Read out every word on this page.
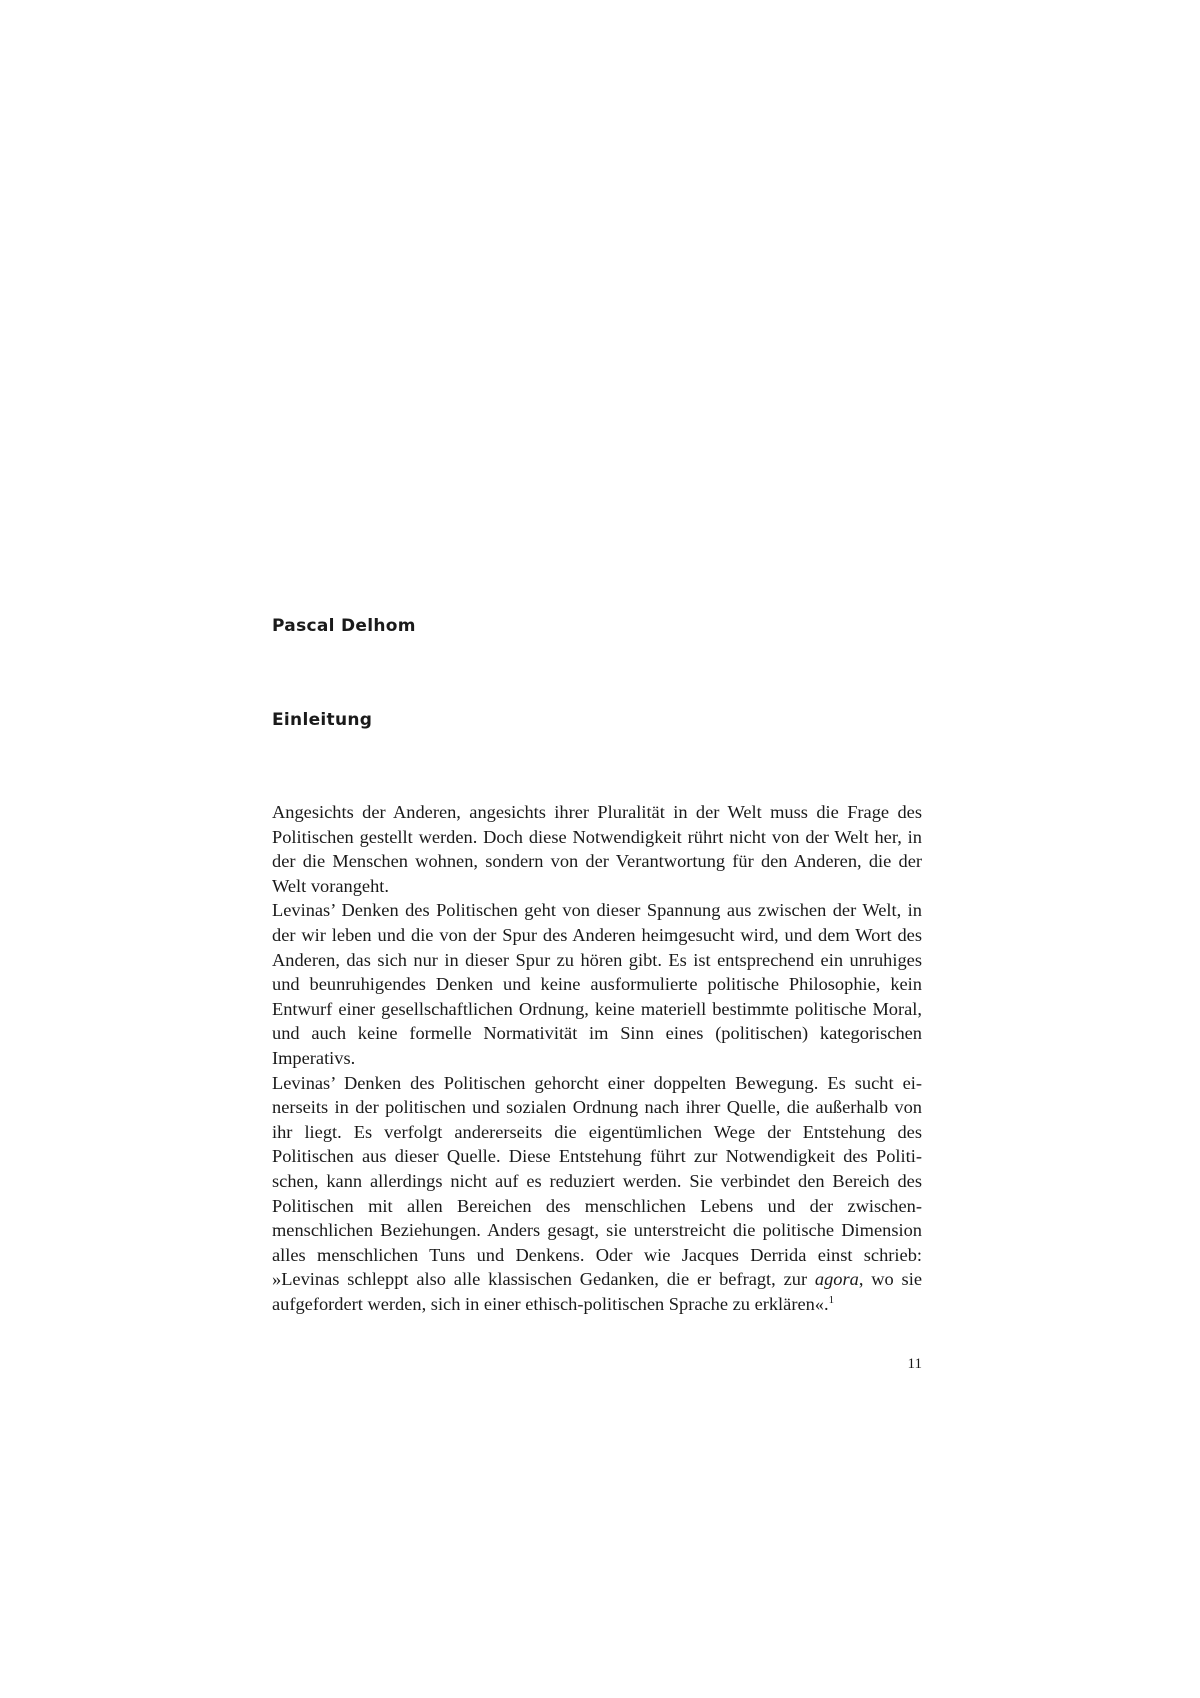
Pascal Delhom
Einleitung

Angesichts der Anderen, angesichts ihrer Pluralität in der Welt muss die Frage des Politischen gestellt werden. Doch diese Notwendigkeit rührt nicht von der Welt her, in der die Menschen wohnen, sondern von der Verantwortung für den Anderen, die der Welt vorangeht.

Levinas’ Denken des Politischen geht von dieser Spannung aus zwischen der Welt, in der wir leben und die von der Spur des Anderen heimgesucht wird, und dem Wort des Anderen, das sich nur in dieser Spur zu hören gibt. Es ist entsprechend ein unruhiges und beunruhigendes Denken und keine ausformulierte politische Philosophie, kein Entwurf einer gesellschaftlichen Ordnung, keine materiell bestimmte politische Moral, und auch keine formelle Normativität im Sinn eines (politischen) kategorischen Imperativs.

Levinas’ Denken des Politischen gehorcht einer doppelten Bewegung. Es sucht einerseits in der politischen und sozialen Ordnung nach ihrer Quelle, die außerhalb von ihr liegt. Es verfolgt andererseits die eigentümlichen Wege der Entstehung des Politischen aus dieser Quelle. Diese Entstehung führt zur Notwendigkeit des Politischen, kann allerdings nicht auf es reduziert werden. Sie verbindet den Bereich des Politischen mit allen Bereichen des menschlichen Lebens und der zwischenmenschlichen Beziehungen. Anders gesagt, sie unterstreicht die politische Dimension alles menschlichen Tuns und Denkens. Oder wie Jacques Derrida einst schrieb: »Levinas schleppt also alle klassischen Gedanken, die er befragt, zur agora, wo sie aufgefordert werden, sich in einer ethisch-politischen Sprache zu erklären«.$^1$

11
